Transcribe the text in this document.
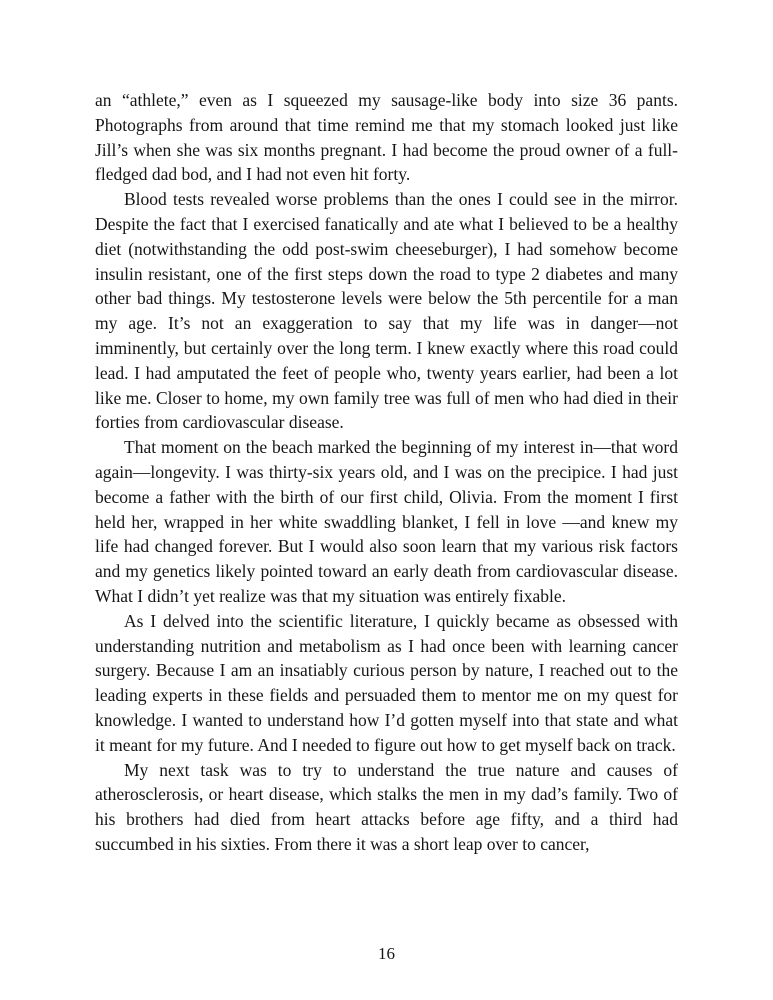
an “athlete,” even as I squeezed my sausage-like body into size 36 pants. Photographs from around that time remind me that my stomach looked just like Jill’s when she was six months pregnant. I had become the proud owner of a full-fledged dad bod, and I had not even hit forty.

Blood tests revealed worse problems than the ones I could see in the mirror. Despite the fact that I exercised fanatically and ate what I believed to be a healthy diet (notwithstanding the odd post-swim cheeseburger), I had somehow become insulin resistant, one of the first steps down the road to type 2 diabetes and many other bad things. My testosterone levels were below the 5th percentile for a man my age. It’s not an exaggeration to say that my life was in danger—not imminently, but certainly over the long term. I knew exactly where this road could lead. I had amputated the feet of people who, twenty years earlier, had been a lot like me. Closer to home, my own family tree was full of men who had died in their forties from cardiovascular disease.

That moment on the beach marked the beginning of my interest in—that word again—longevity. I was thirty-six years old, and I was on the precipice. I had just become a father with the birth of our first child, Olivia. From the moment I first held her, wrapped in her white swaddling blanket, I fell in love —and knew my life had changed forever. But I would also soon learn that my various risk factors and my genetics likely pointed toward an early death from cardiovascular disease. What I didn’t yet realize was that my situation was entirely fixable.

As I delved into the scientific literature, I quickly became as obsessed with understanding nutrition and metabolism as I had once been with learning cancer surgery. Because I am an insatiably curious person by nature, I reached out to the leading experts in these fields and persuaded them to mentor me on my quest for knowledge. I wanted to understand how I’d gotten myself into that state and what it meant for my future. And I needed to figure out how to get myself back on track.

My next task was to try to understand the true nature and causes of atherosclerosis, or heart disease, which stalks the men in my dad’s family. Two of his brothers had died from heart attacks before age fifty, and a third had succumbed in his sixties. From there it was a short leap over to cancer,

16
